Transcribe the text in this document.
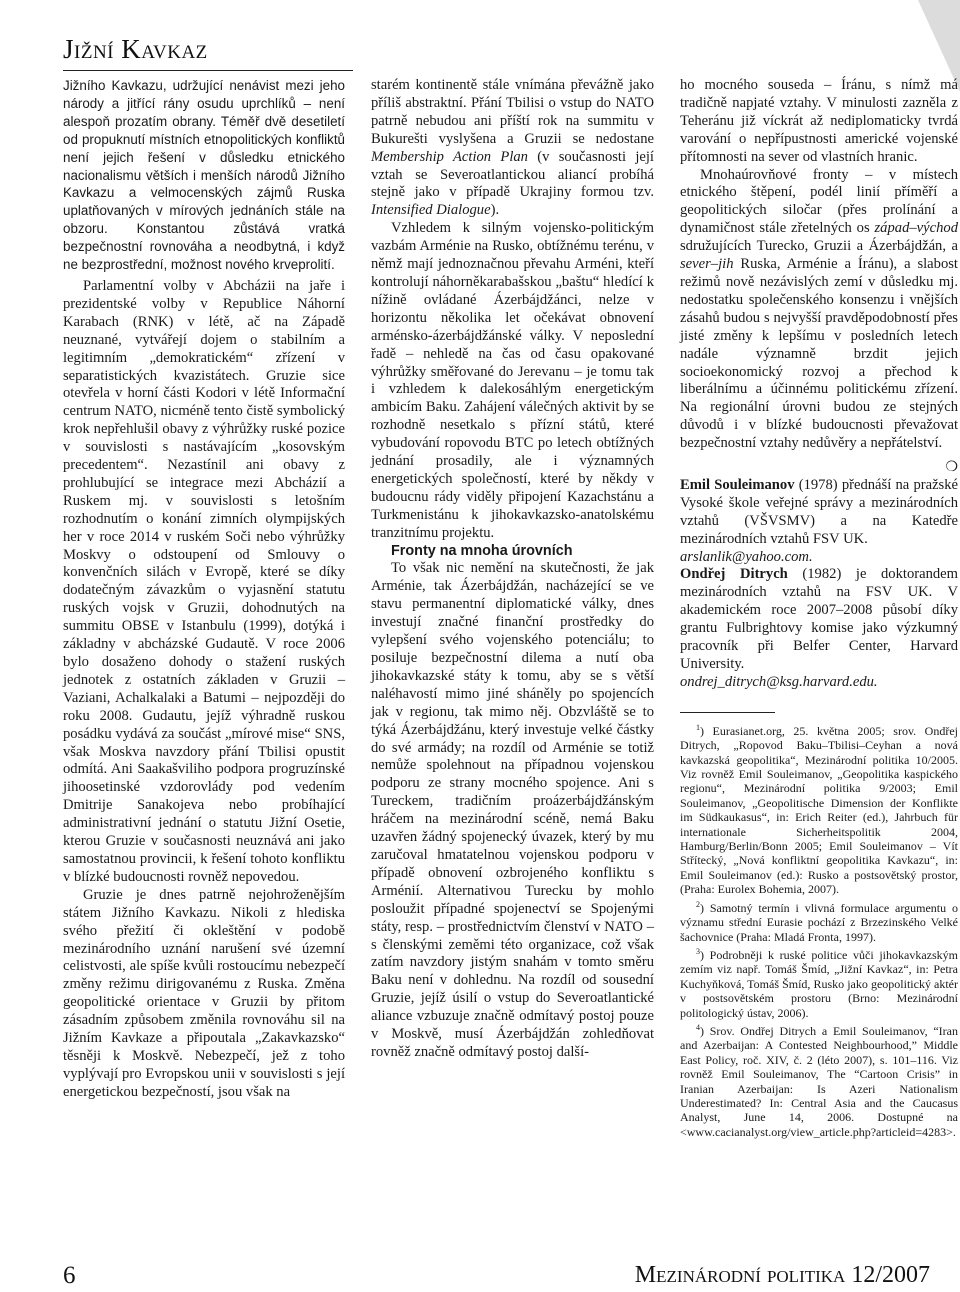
Jižní Kavkaz

Jižního Kavkazu, udržující nenávist mezi jeho národy a jitřící rány osudu uprchlíků – není alespoň prozatím obrany. Téměř dvě desetiletí od propuknutí místních etnopolitických konfliktů není jejich řešení v důsledku etnického nacionalismu větších i menších národů Jižního Kavkazu a velmocenských zájmů Ruska uplatňovaných v mírových jednáních stále na obzoru. Konstantou zůstává vratká bezpečnostní rovnováha a neodbytná, i když ne bezprostřední, možnost nového krveprolití.

Parlamentní volby v Abcházii na jaře i prezidentské volby v Republice Náhorní Karabach (RNK) v létě, ač na Západě neuznané, vytvářejí dojem o stabilním a legitimním „demokratickém“ zřízení v separatistických kvazistátech. Gruzie sice otevřela v horní části Kodori v létě Informační centrum NATO, nicméně tento čistě symbolický krok nepřehlušil obavy z výhrůžky ruské pozice v souvislosti s nastávajícím „kosovským precedentem“. Nezastínil ani obavy z prohlubující se integrace mezi Abcházií a Ruskem mj. v souvislosti s letošním rozhodnutím o konání zimních olympijských her v roce 2014 v ruském Soči nebo výhrůžky Moskvy o odstoupení od Smlouvy o konvenčních silách v Evropě, které se díky dodatečným závazkům o vyjasnění statutu ruských vojsk v Gruzii, dohodnutých na summitu OBSE v Istanbulu (1999), dotýká i základny v abcházské Gudautě. V roce 2006 bylo dosaženo dohody o stažení ruských jednotek z ostatních základen v Gruzii – Vaziani, Achalkalaki a Batumi – nejpozději do roku 2008. Gudautu, jejíž výhradně ruskou posádku vydává za součást „mírové mise“ SNS, však Moskva navzdory přání Tbilisi opustit odmítá. Ani Saakašviliho podpora progruzínské jihoosetinské vzdorovlády pod vedením Dmitrije Sanakojeva nebo probíhající administrativní jednání o statutu Jižní Osetie, kterou Gruzie v současnosti neuznává ani jako samostatnou provincii, k řešení tohoto konfliktu v blízké budoucnosti rovněž nepovedou.

Gruzie je dnes patrně nejohroženějším státem Jižního Kavkazu. Nikoli z hlediska svého přežití či okleštění v podobě mezinárodního uznání narušení své územní celistvosti, ale spíše kvůli rostoucímu nebezpečí změny režimu dirigovanému z Ruska. Změna geopolitické orientace v Gruzii by přitom zásadním způsobem změnila rovnováhu sil na Jižním Kavkaze a připoutala „Zakavkazsko“ těsněji k Moskvě. Nebezpečí, jež z toho vyplývají pro Evropskou unii v souvislosti s její energetickou bezpečností, jsou však na

starém kontinentě stále vnímána převážně jako příliš abstraktní. Přání Tbilisi o vstup do NATO patrně nebudou ani příští rok na summitu v Bukurešti vyslyšena a Gruzii se nedostane Membership Action Plan (v současnosti její vztah se Severoatlantickou aliancí probíhá stejně jako v případě Ukrajiny formou tzv. Intensified Dialogue).

Vzhledem k silným vojensko-politickým vazbám Arménie na Rusko, obtížnému terénu, v němž mají jednoznačnou převahu Arméni, kteří kontrolují náhorněkarabašskou „baštu“ hledící k nížině ovládané Ázerbájdžánci, nelze v horizontu několika let očekávat obnovení arménsko-ázerbájdžánské války. V neposlední řadě – nehledě na čas od času opakované výhrůžky směřované do Jerevanu – je tomu tak i vzhledem k dalekosáhlým energetickým ambicím Baku. Zahájení válečných aktivit by se rozhodně nesetkalo s přízní států, které vybudování ropovodu BTC po letech obtížných jednání prosadily, ale i významných energetických společností, které by někdy v budoucnu rády viděly připojení Kazachstánu a Turkmenistánu k jihokavkazsko-anatolskému tranzitnímu projektu.

Fronty na mnoha úrovních

To však nic nemění na skutečnosti, že jak Arménie, tak Ázerbájdžán, nacházející se ve stavu permanentní diplomatické války, dnes investují značné finanční prostředky do vylepšení svého vojenského potenciálu; to posiluje bezpečnostní dilema a nutí oba jihokavkazské státy k tomu, aby se s větší naléhavostí mimo jiné sháněly po spojencích jak v regionu, tak mimo něj. Obzvláště se to týká Ázerbájdžánu, který investuje velké částky do své armády; na rozdíl od Arménie se totiž nemůže spolehnout na případnou vojenskou podporu ze strany mocného spojence. Ani s Tureckem, tradičním proázerbájdžánským hráčem na mezinárodní scéně, nemá Baku uzavřen žádný spojenecký úvazek, který by mu zaručoval hmatatelnou vojenskou podporu v případě obnovení ozbrojeného konfliktu s Arménií. Alternativou Turecku by mohlo posloužit případné spojenectví se Spojenými státy, resp. – prostřednictvím členství v NATO – s členskými zeměmi této organizace, což však zatím navzdory jistým snahám v tomto směru Baku není v dohlednu. Na rozdíl od sousední Gruzie, jejíž úsilí o vstup do Severoatlantické aliance vzbuzuje značně odmítavý postoj pouze v Moskvě, musí Ázerbájdžán zohledňovat rovněž značně odmítavý postoj další-

ho mocného souseda – Íránu, s nímž má tradičně napjaté vztahy. V minulosti zazněla z Teheránu již víckrát až nediplomaticky tvrdá varování o nepřípustnosti americké vojenské přítomnosti na sever od vlastních hranic.

Mnohaúrovňové fronty – v místech etnického štěpení, podél linií příměří a geopolitických siločar (přes prolínání a dynamičnost stále zřetelných os západ–východ sdružujících Turecko, Gruzii a Ázerbájdžán, a sever–jih Ruska, Arménie a Íránu), a slabost režimů nově nezávislých zemí v důsledku mj. nedostatku společenského konsenzu i vnějších zásahů budou s nejvyšší pravděpodobností přes jisté změny k lepšímu v posledních letech nadále významně brzdit jejich socioekonomický rozvoj a přechod k liberálnímu a účinnému politickému zřízení. Na regionální úrovni budou ze stejných důvodů i v blízké budoucnosti převažovat bezpečnostní vztahy nedůvěry a nepřátelství.

❍

Emil Souleimanov (1978) přednáší na pražské Vysoké škole veřejné správy a mezinárodních vztahů (VŠVSMV) a na Katedře mezinárodních vztahů FSV UK.

arslanlik@yahoo.com.

Ondřej Ditrych (1982) je doktorandem mezinárodních vztahů na FSV UK. V akademickém roce 2007–2008 působí díky grantu Fulbrightovy komise jako výzkumný pracovník při Belfer Center, Harvard University.

ondrej_ditrych@ksg.harvard.edu.

$^1$) Eurasianet.org, 25. května 2005; srov. Ondřej Ditrych, „Ropovod Baku–Tbilisi–Ceyhan a nová kavkazská geopolitika“, Mezinárodní politika 10/2005. Viz rovněž Emil Souleimanov, „Geopolitika kaspického regionu“, Mezinárodní politika 9/2003; Emil Souleimanov, „Geopolitische Dimension der Konflikte im Südkaukasus“, in: Erich Reiter (ed.), Jahrbuch für internationale Sicherheitspolitik 2004, Hamburg/Berlin/Bonn 2005; Emil Souleimanov – Vít Střítecký, „Nová konfliktní geopolitika Kavkazu“, in: Emil Souleimanov (ed.): Rusko a postsovětský prostor, (Praha: Eurolex Bohemia, 2007).

$^2$) Samotný termín i vlivná formulace argumentu o významu střední Eurasie pochází z Brzezinského Velké šachovnice (Praha: Mladá Fronta, 1997).

$^3$) Podrobněji k ruské politice vůči jihokavkazským zemím viz např. Tomáš Šmíd, „Jižní Kavkaz“, in: Petra Kuchyňková, Tomáš Šmíd, Rusko jako geopolitický aktér v postsovětském prostoru (Brno: Mezinárodní politologický ústav, 2006).

$^4$) Srov. Ondřej Ditrych a Emil Souleimanov, “Iran and Azerbaijan: A Contested Neighbourhood,” Middle East Policy, roč. XIV, č. 2 (léto 2007), s. 101–116. Viz rovněž Emil Souleimanov, The “Cartoon Crisis” in Iranian Azerbaijan: Is Azeri Nationalism Underestimated? In: Central Asia and the Caucasus Analyst, June 14, 2006. Dostupné na <www.cacianalyst.org/view_article.php?articleid=4283>.

6	Mezinárodní politika 12/2007
